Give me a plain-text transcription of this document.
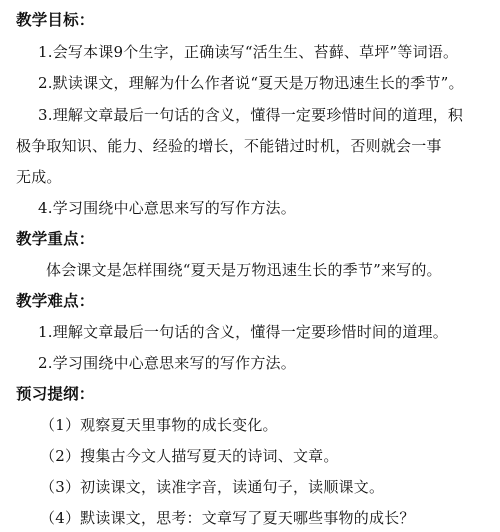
教学目标：
1.会写本课9个生字，正确读写“活生生、苔藓、草坪”等词语。
2.默读课文，理解为什么作者说“夏天是万物迅速生长的季节”。
3.理解文章最后一句话的含义，懂得一定要珍惜时间的道理，积
极争取知识、能力、经验的增长，不能错过时机，否则就会一事
无成。
4.学习围绕中心意思来写的写作方法。
教学重点：
体会课文是怎样围绕“夏天是万物迅速生长的季节”来写的。
教学难点：
1.理解文章最后一句话的含义，懂得一定要珍惜时间的道理。
2.学习围绕中心意思来写的写作方法。
预习提纲：
（1）观察夏天里事物的成长变化。
（2）搜集古今文人描写夏天的诗词、文章。
（3）初读课文，读准字音，读通句子，读顺课文。
（4）默读课文，思考：文章写了夏天哪些事物的成长？
